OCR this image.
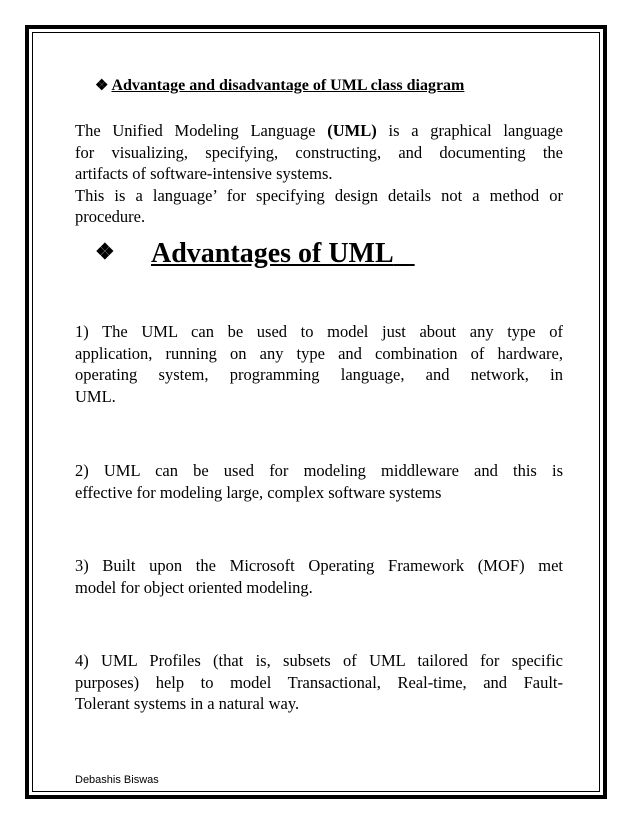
❖ Advantage and disadvantage of UML class diagram
The Unified Modeling Language (UML) is a graphical language
for visualizing, specifying, constructing, and documenting the
artifacts of software-intensive systems.
This is a language’ for specifying design details not a method or
procedure.
❖ Advantages of UML
1) The UML can be used to model just about any type of
application, running on any type and combination of hardware,
operating system, programming language, and network, in
UML.
2) UML can be used for modeling middleware and this is
effective for modeling large, complex software systems
3) Built upon the Microsoft Operating Framework (MOF) met
model for object oriented modeling.
4) UML Profiles (that is, subsets of UML tailored for specific
purposes) help to model Transactional, Real-time, and Fault-
Tolerant systems in a natural way.
Debashis Biswas
